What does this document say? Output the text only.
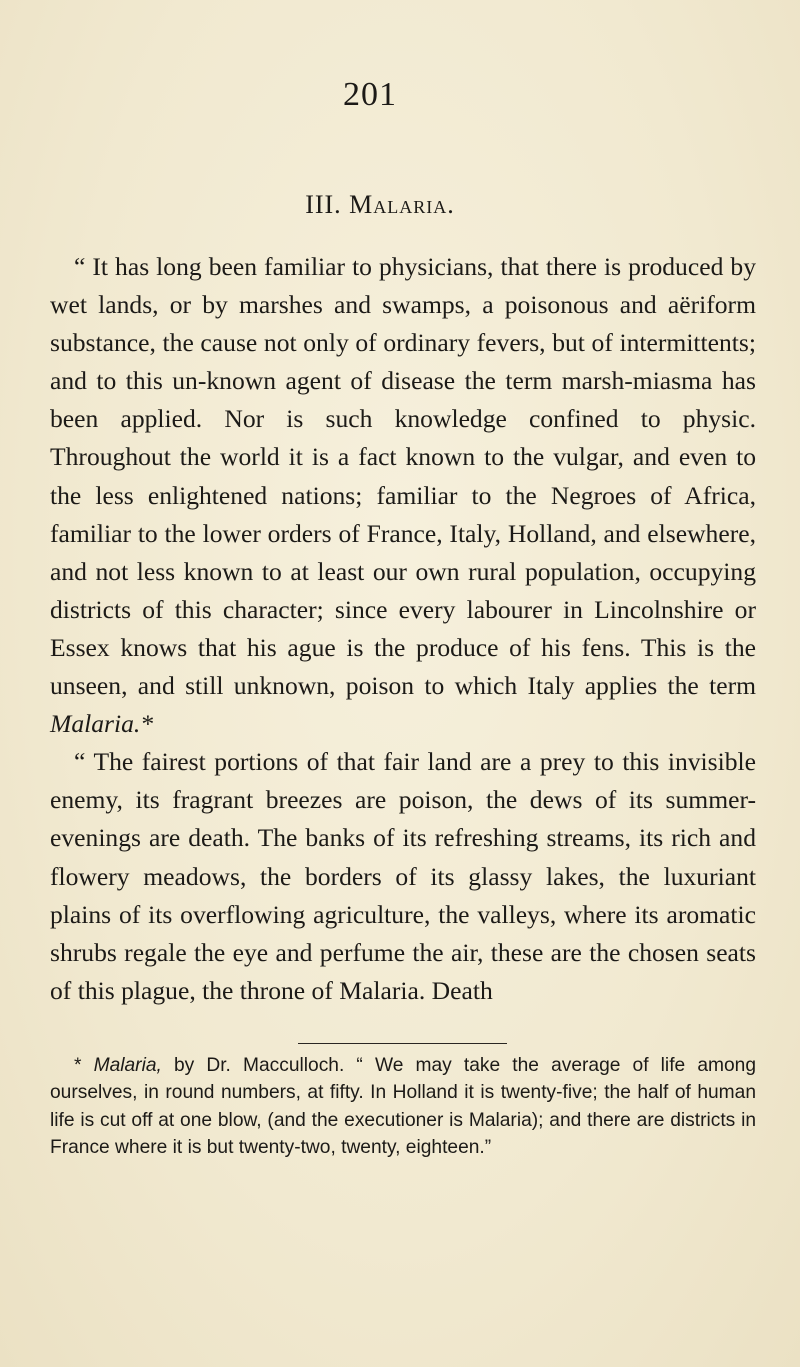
201
III. Malaria.

“ It has long been familiar to physicians, that there is produced by wet lands, or by marshes and swamps, a poisonous and aëriform substance, the cause not only of ordinary fevers, but of intermittents; and to this un-known agent of disease the term marsh-miasma has been applied. Nor is such knowledge confined to physic. Throughout the world it is a fact known to the vulgar, and even to the less enlightened nations; familiar to the Negroes of Africa, familiar to the lower orders of France, Italy, Holland, and elsewhere, and not less known to at least our own rural population, occupying districts of this character; since every labourer in Lincolnshire or Essex knows that his ague is the produce of his fens. This is the unseen, and still unknown, poison to which Italy applies the term Malaria.*

“ The fairest portions of that fair land are a prey to this invisible enemy, its fragrant breezes are poison, the dews of its summer-evenings are death. The banks of its refreshing streams, its rich and flowery meadows, the borders of its glassy lakes, the luxuriant plains of its overflowing agriculture, the valleys, where its aromatic shrubs regale the eye and perfume the air, these are the chosen seats of this plague, the throne of Malaria. Death

* Malaria, by Dr. Macculloch. “ We may take the average of life among ourselves, in round numbers, at fifty. In Holland it is twenty-five; the half of human life is cut off at one blow, (and the executioner is Malaria); and there are districts in France where it is but twenty-two, twenty, eighteen.”
